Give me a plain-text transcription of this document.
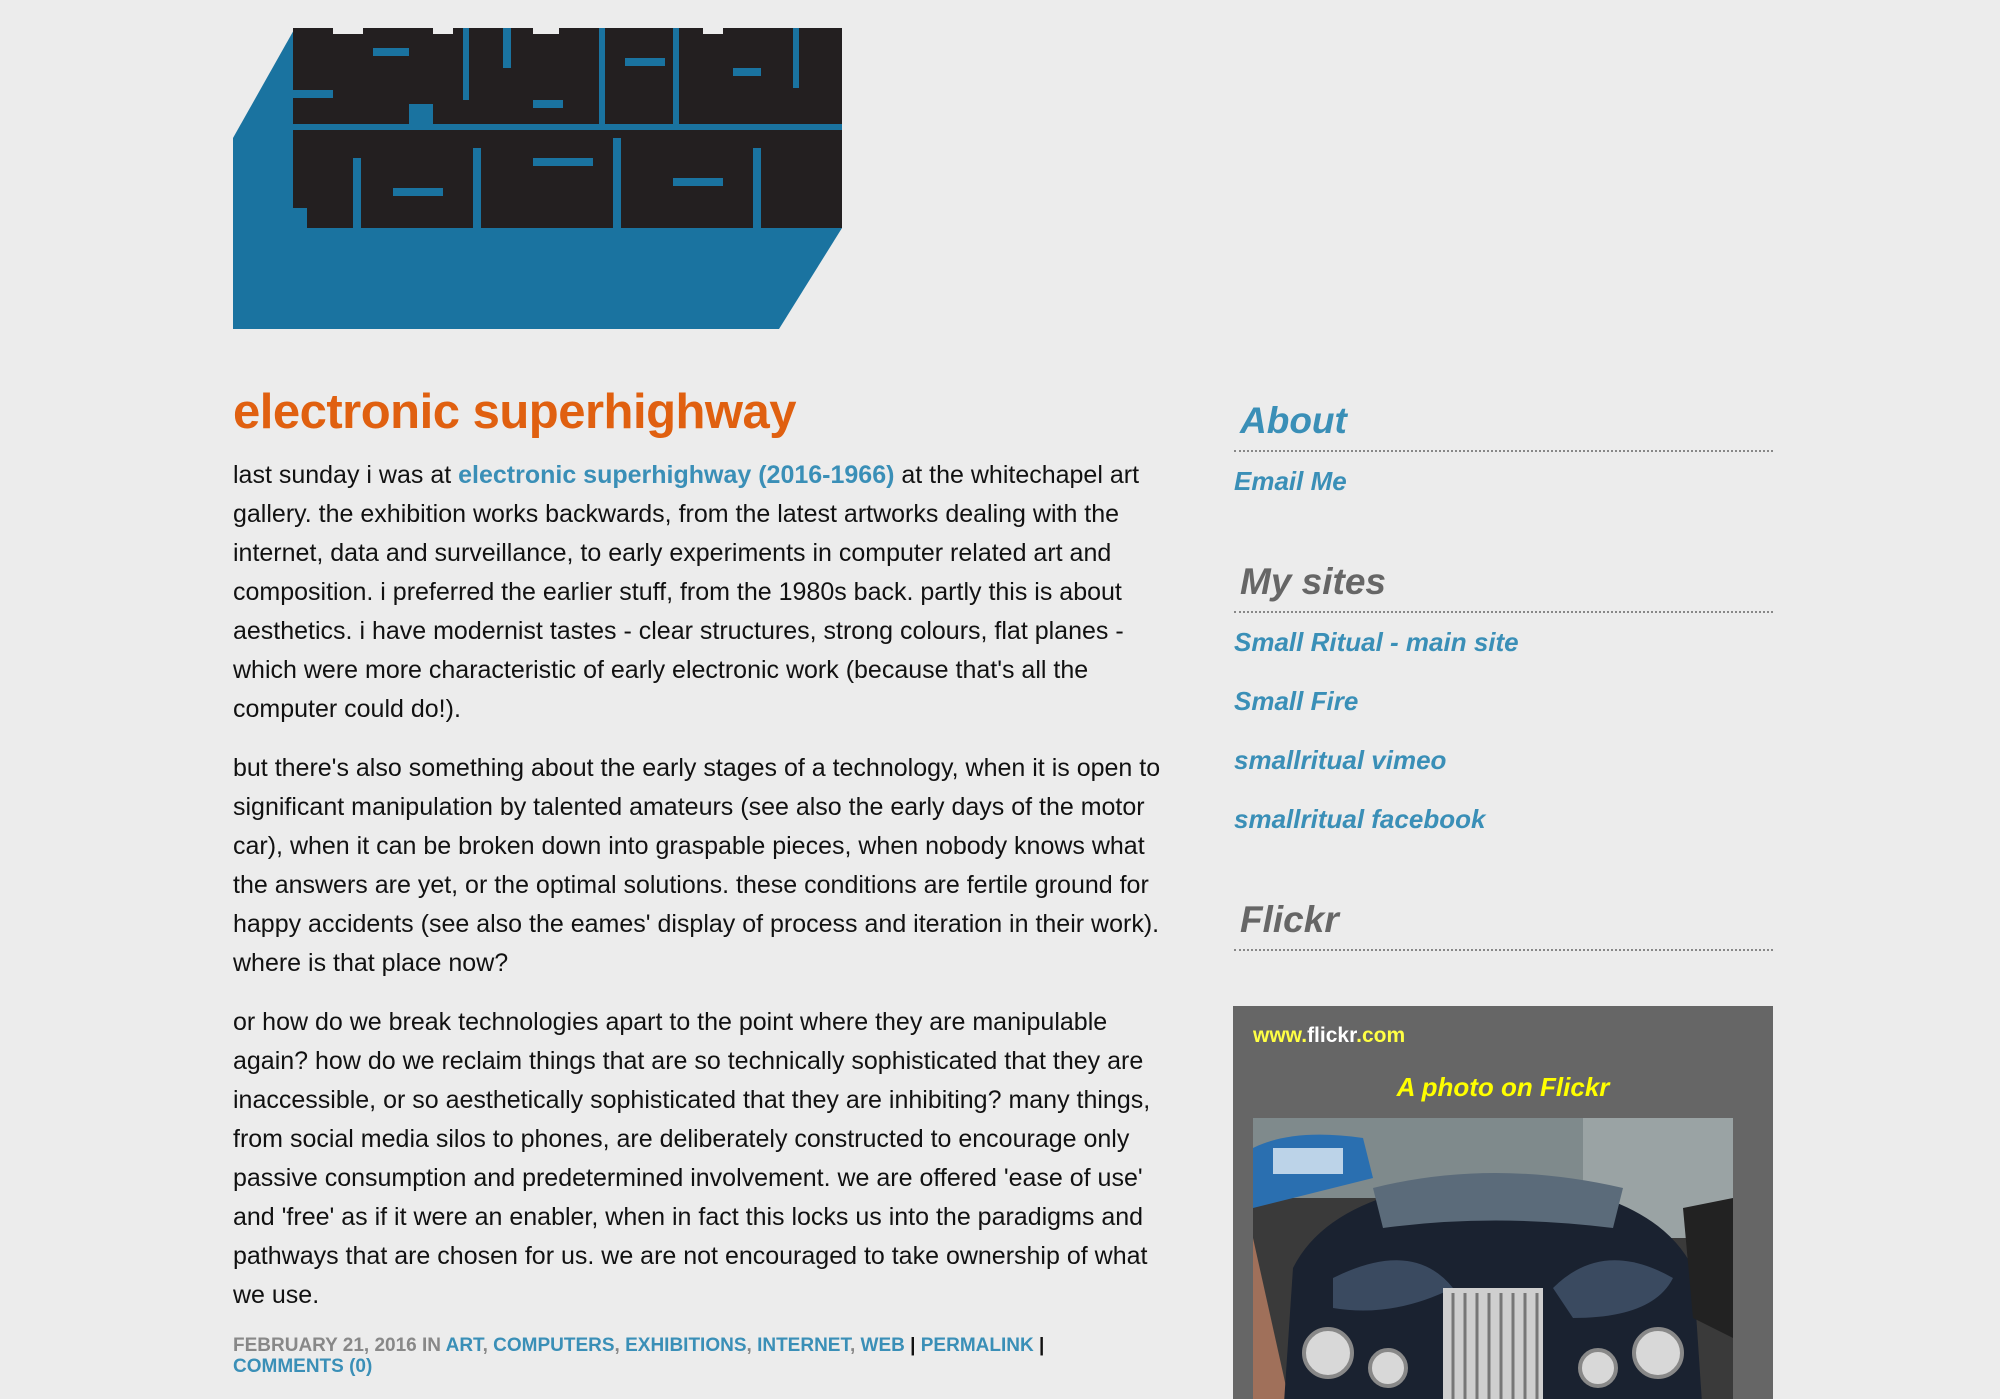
electronic superhighway

last sunday i was at electronic superhighway (2016-1966) at the whitechapel art gallery. the exhibition works backwards, from the latest artworks dealing with the internet, data and surveillance, to early experiments in computer related art and composition. i preferred the earlier stuff, from the 1980s back. partly this is about aesthetics. i have modernist tastes - clear structures, strong colours, flat planes - which were more characteristic of early electronic work (because that's all the computer could do!).

but there's also something about the early stages of a technology, when it is open to significant manipulation by talented amateurs (see also the early days of the motor car), when it can be broken down into graspable pieces, when nobody knows what the answers are yet, or the optimal solutions. these conditions are fertile ground for happy accidents (see also the eames' display of process and iteration in their work). where is that place now?

or how do we break technologies apart to the point where they are manipulable again? how do we reclaim things that are so technically sophisticated that they are inaccessible, or so aesthetically sophisticated that they are inhibiting? many things, from social media silos to phones, are deliberately constructed to encourage only passive consumption and predetermined involvement. we are offered 'ease of use' and 'free' as if it were an enabler, when in fact this locks us into the paradigms and pathways that are chosen for us. we are not encouraged to take ownership of what we use.

FEBRUARY 21, 2016 IN ART, COMPUTERS, EXHIBITIONS, INTERNET, WEB | PERMALINK |
COMMENTS (0)
About
Email Me
My sites
Small Ritual - main site
Small Fire
smallritual vimeo
smallritual facebook
Flickr
www.flickr.com
A photo on Flickr
